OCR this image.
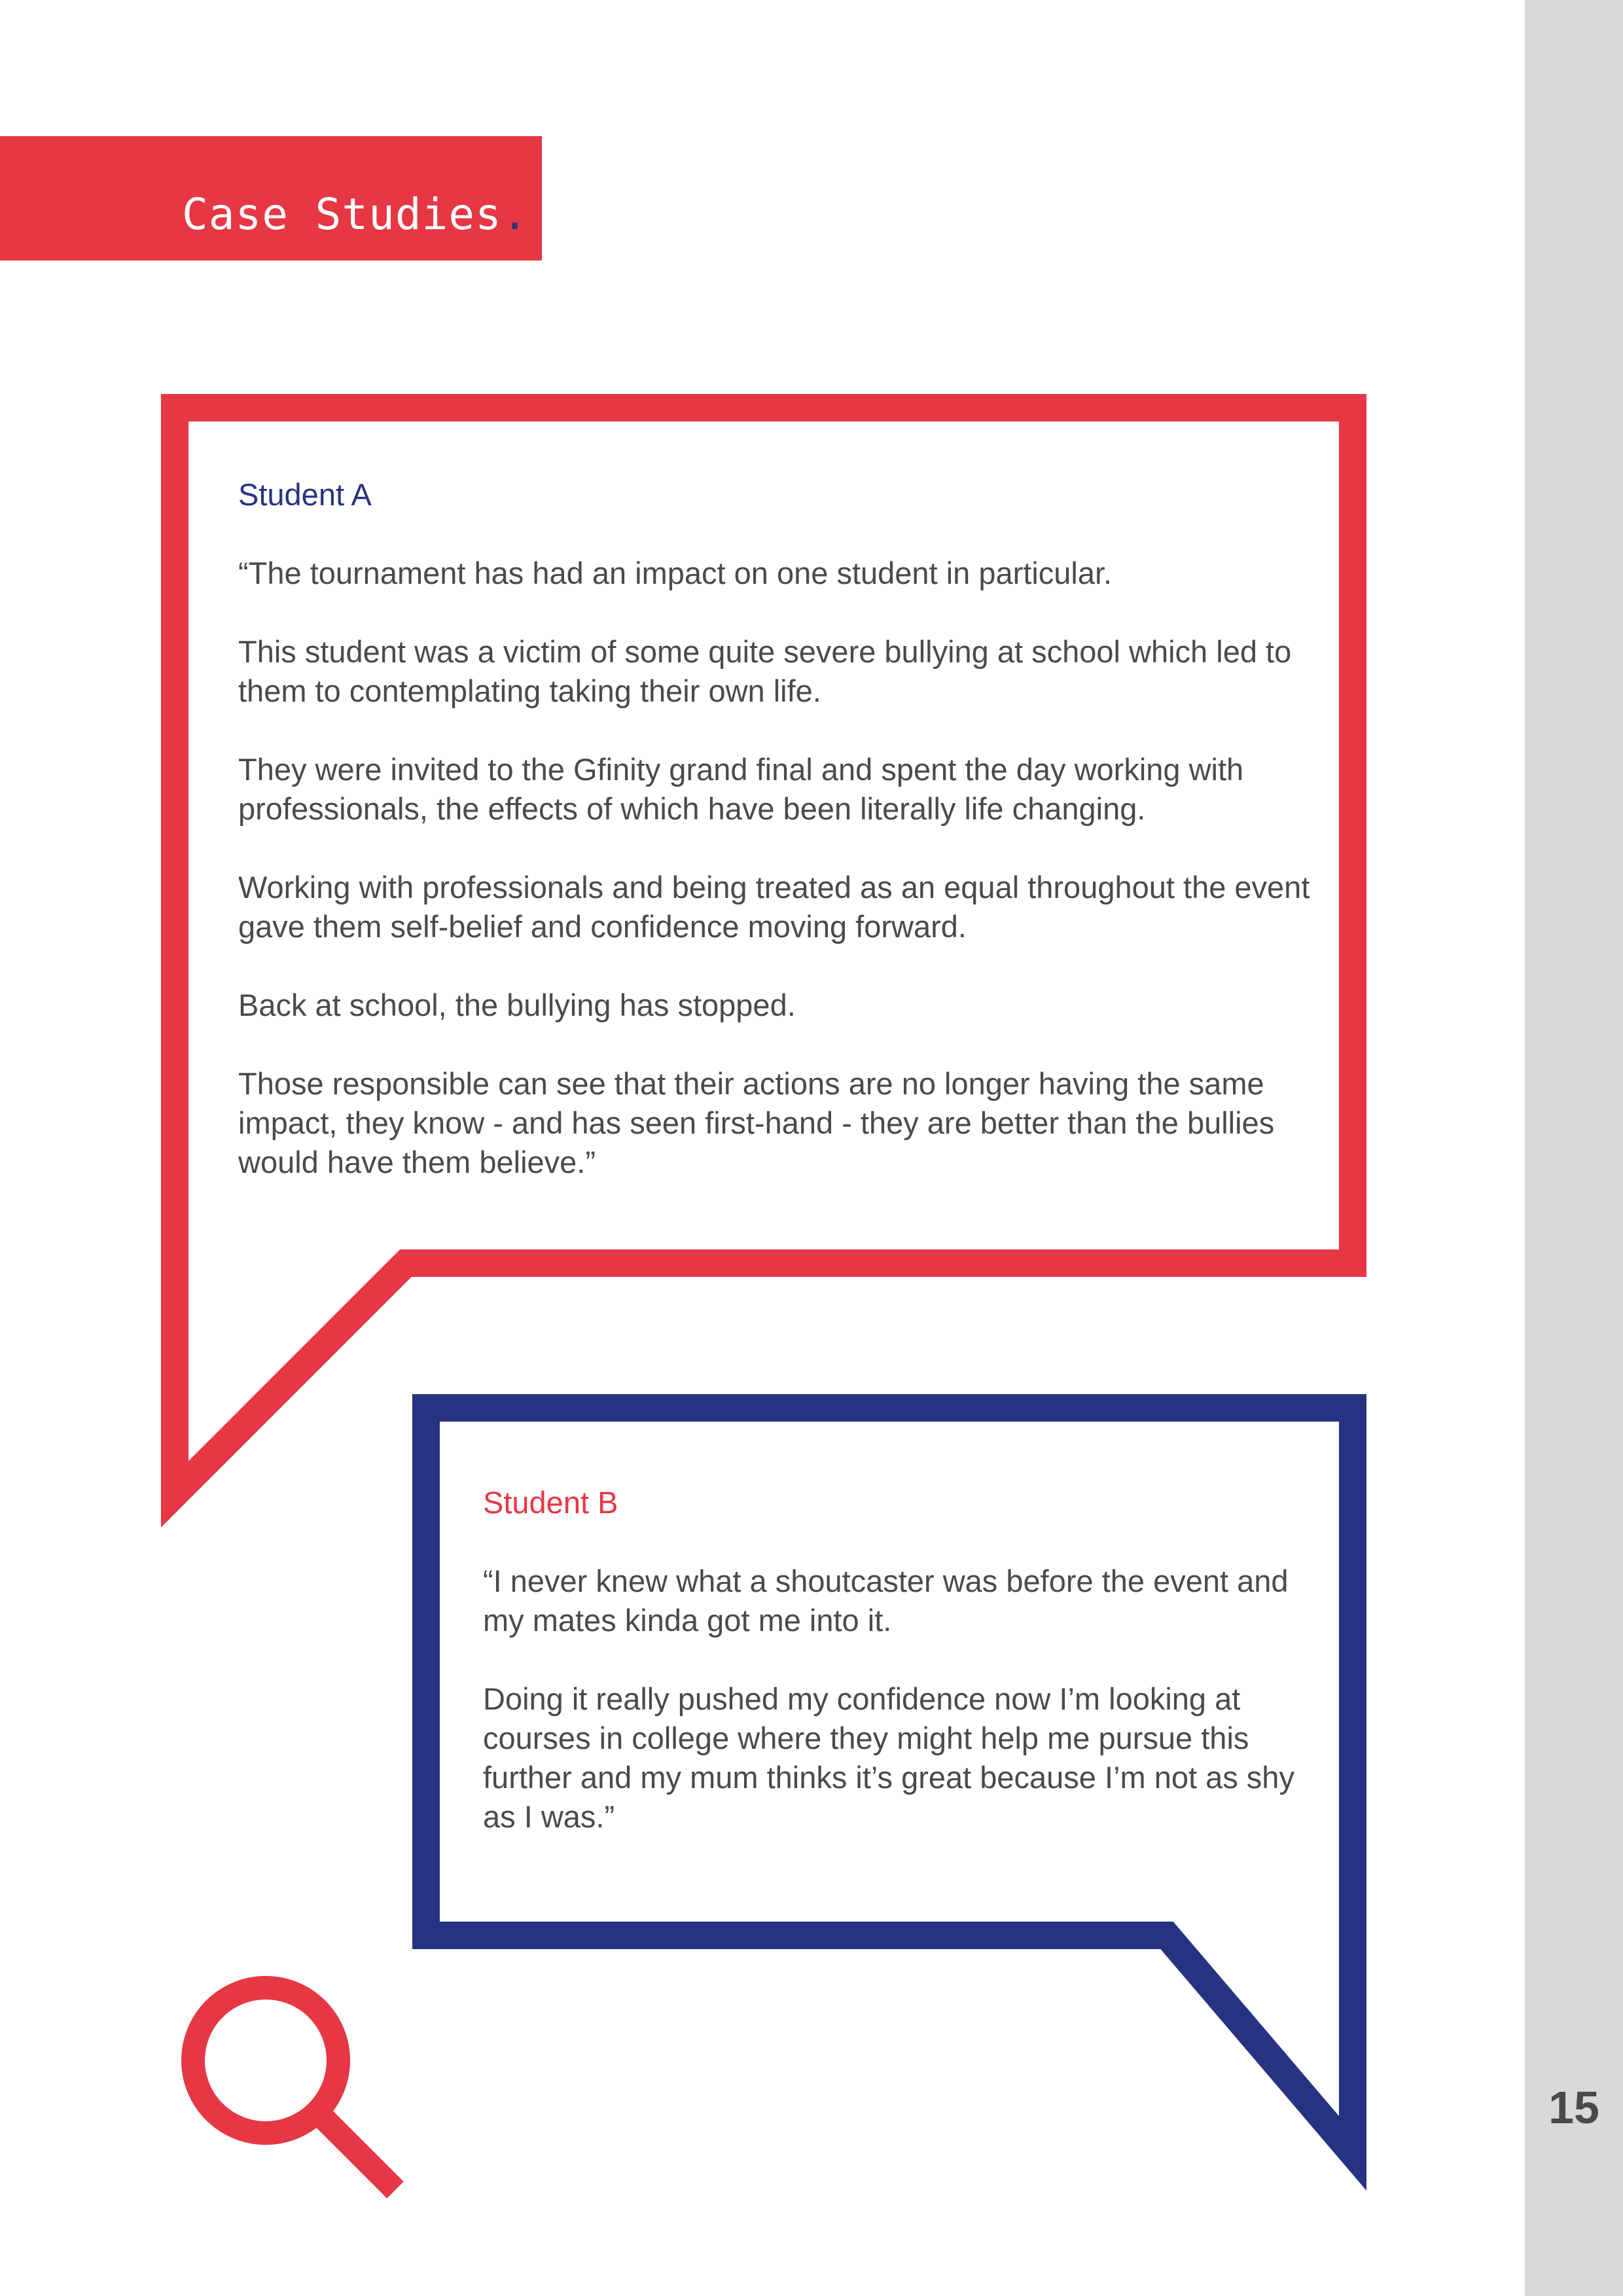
15
Case Studies.
Student A

“The tournament has had an impact on one student in particular.

This student was a victim of some quite severe bullying at school which led to them to contemplating taking their own life.

They were invited to the Gfinity grand final and spent the day working with professionals, the effects of which have been literally life changing.

Working with professionals and being treated as an equal throughout the event gave them self-belief and confidence moving forward.

Back at school, the bullying has stopped.

Those responsible can see that their actions are no longer having the same impact, they know - and has seen first-hand - they are better than the bullies would have them believe.”

Student B

“I never knew what a shoutcaster was before the event and my mates kinda got me into it.

Doing it really pushed my confidence now I’m looking at courses in college where they might help me pursue this further and my mum thinks it’s great because I’m not as shy as I was.”
